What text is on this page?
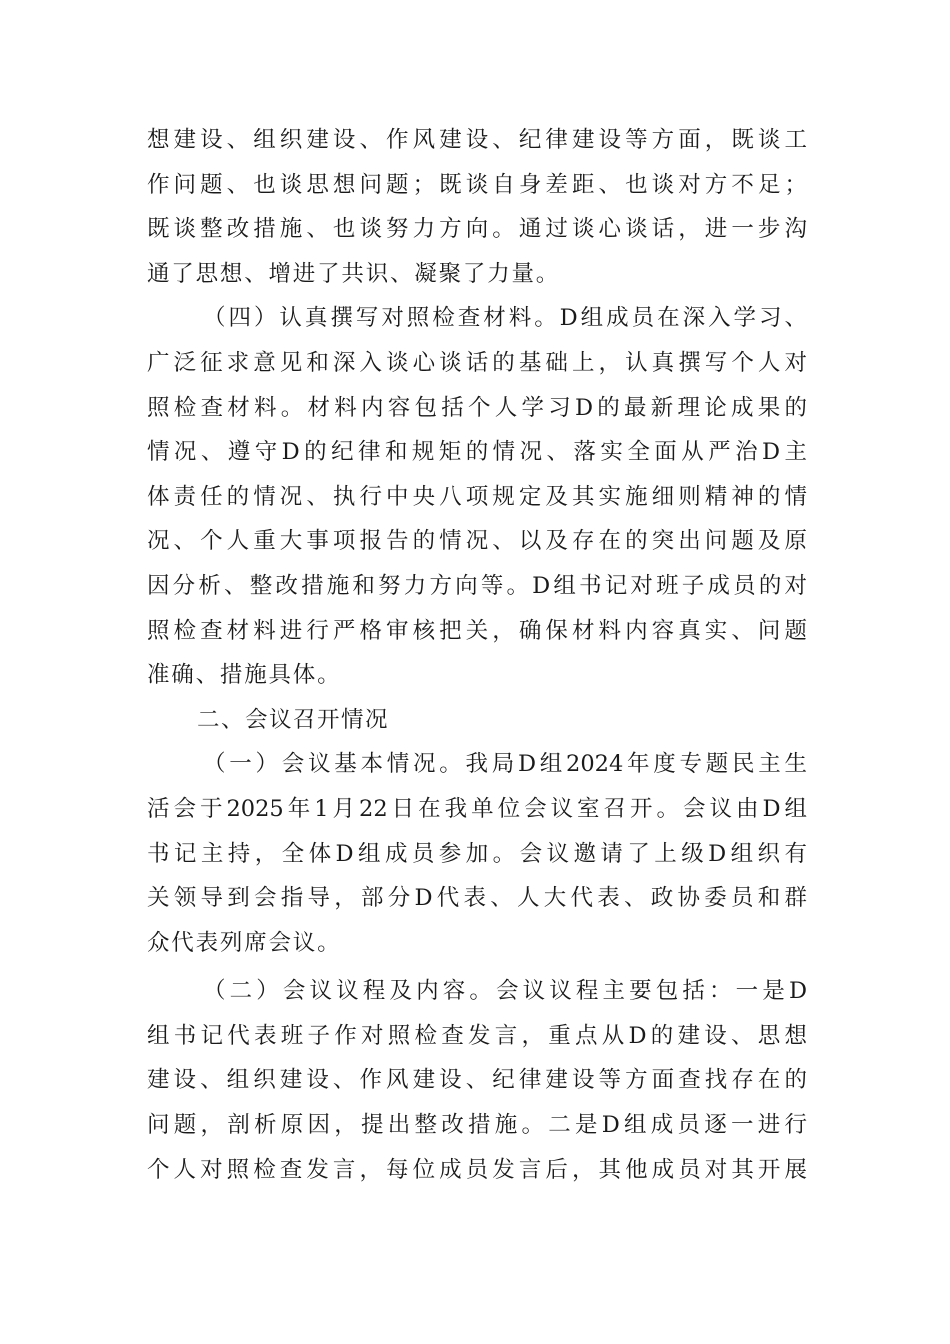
想建设、组织建设、作风建设、纪律建设等方面，既谈工
作问题、也谈思想问题；既谈自身差距、也谈对方不足；
既谈整改措施、也谈努力方向。通过谈心谈话，进一步沟
通了思想、增进了共识、凝聚了力量。
（四）认真撰写对照检查材料。D组成员在深入学习、
广泛征求意见和深入谈心谈话的基础上，认真撰写个人对
照检查材料。材料内容包括个人学习D的最新理论成果的
情况、遵守D的纪律和规矩的情况、落实全面从严治D主
体责任的情况、执行中央八项规定及其实施细则精神的情
况、个人重大事项报告的情况、以及存在的突出问题及原
因分析、整改措施和努力方向等。D组书记对班子成员的对
照检查材料进行严格审核把关，确保材料内容真实、问题
准确、措施具体。
二、会议召开情况
（一）会议基本情况。我局D组2024年度专题民主生
活会于2025年1月22日在我单位会议室召开。会议由D组
书记主持，全体D组成员参加。会议邀请了上级D组织有
关领导到会指导，部分D代表、人大代表、政协委员和群
众代表列席会议。
（二）会议议程及内容。会议议程主要包括：一是D
组书记代表班子作对照检查发言，重点从D的建设、思想
建设、组织建设、作风建设、纪律建设等方面查找存在的
问题，剖析原因，提出整改措施。二是D组成员逐一进行
个人对照检查发言，每位成员发言后，其他成员对其开展
